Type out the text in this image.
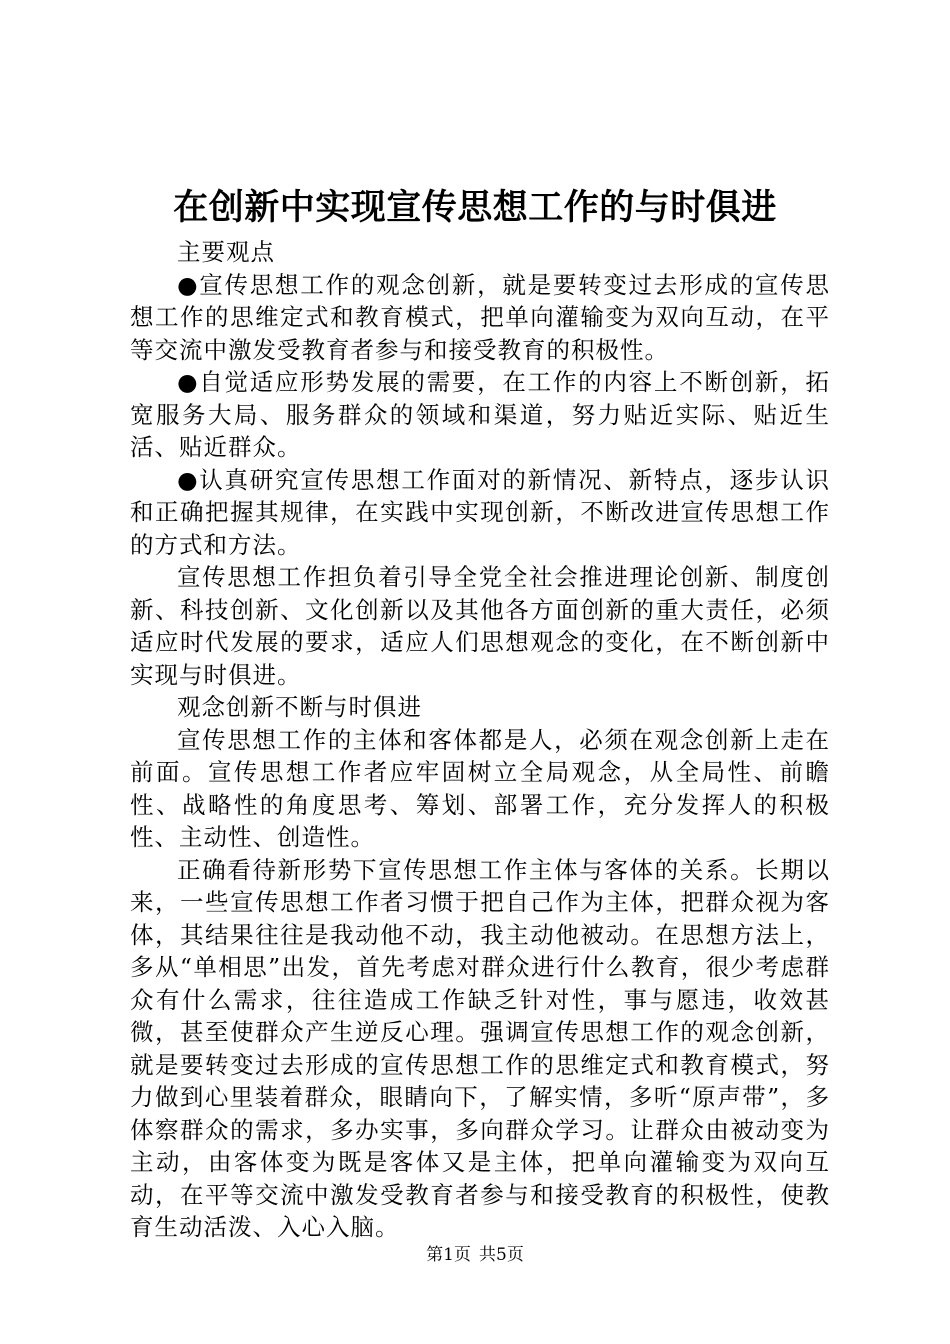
在创新中实现宣传思想工作的与时俱进

主要观点

●宣传思想工作的观念创新，就是要转变过去形成的宣传思想工作的思维定式和教育模式，把单向灌输变为双向互动，在平等交流中激发受教育者参与和接受教育的积极性。

●自觉适应形势发展的需要，在工作的内容上不断创新，拓宽服务大局、服务群众的领域和渠道，努力贴近实际、贴近生活、贴近群众。

●认真研究宣传思想工作面对的新情况、新特点，逐步认识和正确把握其规律，在实践中实现创新，不断改进宣传思想工作的方式和方法。

宣传思想工作担负着引导全党全社会推进理论创新、制度创新、科技创新、文化创新以及其他各方面创新的重大责任，必须适应时代发展的要求，适应人们思想观念的变化，在不断创新中实现与时俱进。

观念创新不断与时俱进

宣传思想工作的主体和客体都是人，必须在观念创新上走在前面。宣传思想工作者应牢固树立全局观念，从全局性、前瞻性、战略性的角度思考、筹划、部署工作，充分发挥人的积极性、主动性、创造性。

正确看待新形势下宣传思想工作主体与客体的关系。长期以来，一些宣传思想工作者习惯于把自己作为主体，把群众视为客体，其结果往往是我动他不动，我主动他被动。在思想方法上，多从“单相思”出发，首先考虑对群众进行什么教育，很少考虑群众有什么需求，往往造成工作缺乏针对性，事与愿违，收效甚微，甚至使群众产生逆反心理。强调宣传思想工作的观念创新，就是要转变过去形成的宣传思想工作的思维定式和教育模式，努力做到心里装着群众，眼睛向下，了解实情，多听“原声带”，多体察群众的需求，多办实事，多向群众学习。让群众由被动变为主动，由客体变为既是客体又是主体，把单向灌输变为双向互动，在平等交流中激发受教育者参与和接受教育的积极性，使教育生动活泼、入心入脑。

第1页 共5页
